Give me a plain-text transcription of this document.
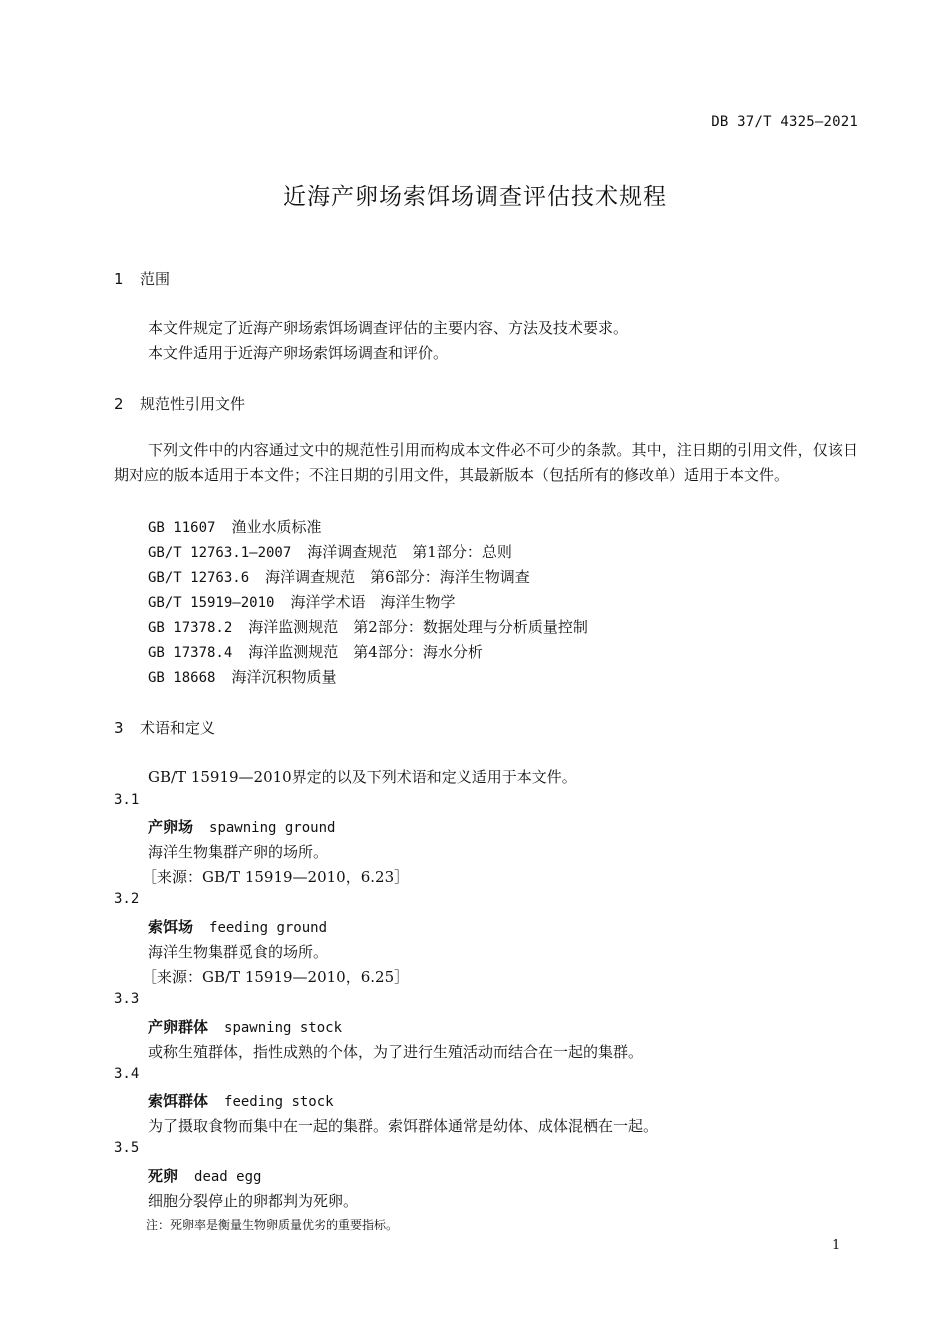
DB 37/T 4325—2021
近海产卵场索饵场调查评估技术规程
1 范围
本文件规定了近海产卵场索饵场调查评估的主要内容、方法及技术要求。
本文件适用于近海产卵场索饵场调查和评价。
2 规范性引用文件
下列文件中的内容通过文中的规范性引用而构成本文件必不可少的条款。其中，注日期的引用文件，仅该日期对应的版本适用于本文件；不注日期的引用文件，其最新版本（包括所有的修改单）适用于本文件。
GB 11607 渔业水质标准
GB/T 12763.1—2007 海洋调查规范　第1部分：总则
GB/T 12763.6 海洋调查规范　第6部分：海洋生物调查
GB/T 15919—2010 海洋学术语　海洋生物学
GB 17378.2 海洋监测规范　第2部分：数据处理与分析质量控制
GB 17378.4 海洋监测规范　第4部分：海水分析
GB 18668 海洋沉积物质量
3 术语和定义
GB/T 15919—2010界定的以及下列术语和定义适用于本文件。
3.1
产卵场 spawning ground
海洋生物集群产卵的场所。
［来源：GB/T 15919—2010，6.23］
3.2
索饵场 feeding ground
海洋生物集群觅食的场所。
［来源：GB/T 15919—2010，6.25］
3.3
产卵群体 spawning stock
或称生殖群体，指性成熟的个体，为了进行生殖活动而结合在一起的集群。
3.4
索饵群体 feeding stock
为了摄取食物而集中在一起的集群。索饵群体通常是幼体、成体混栖在一起。
3.5
死卵 dead egg
细胞分裂停止的卵都判为死卵。
注：死卵率是衡量生物卵质量优劣的重要指标。
1
